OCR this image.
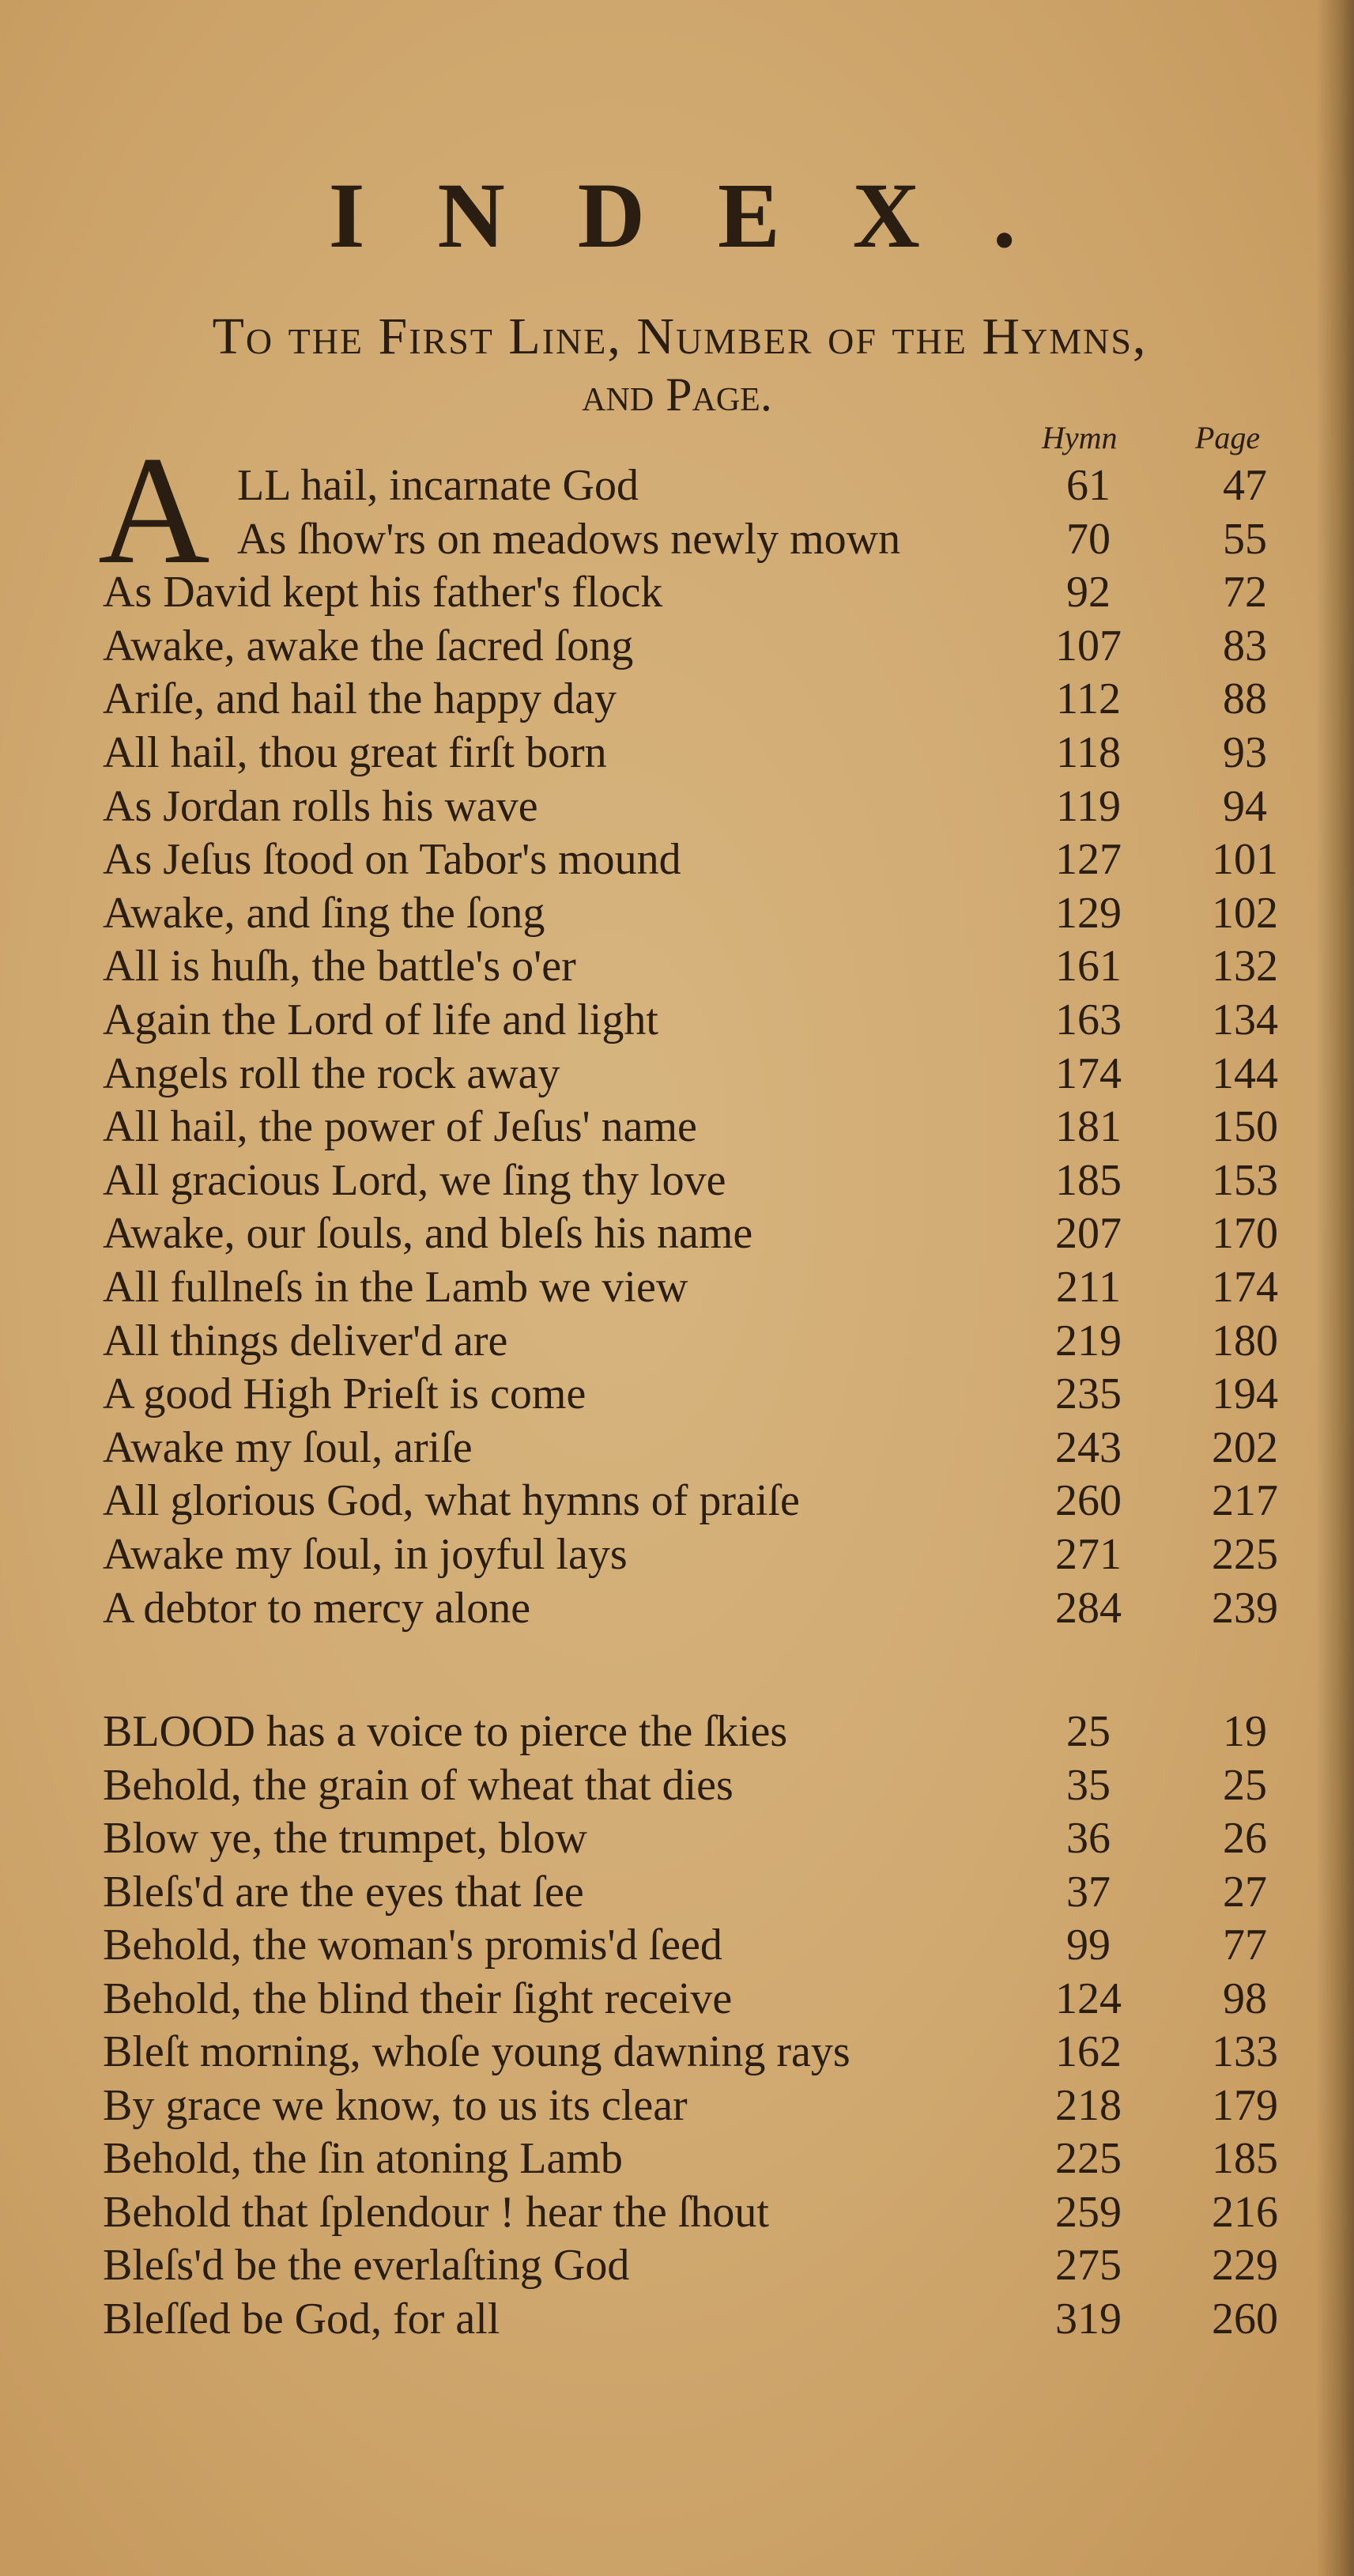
INDEX.
To the First Line, Number of the Hymns,
and Page.
Hymn Page
A LL hail, incarnate God	61	47
As ſhow'rs on meadows newly mown	70	55
As David kept his father's flock	92	72
Awake, awake the ſacred ſong	107	83
Ariſe, and hail the happy day	112	88
All hail, thou great firſt born	118	93
As Jordan rolls his wave	119	94
As Jeſus ſtood on Tabor's mound	127	101
Awake, and ſing the ſong	129	102
All is huſh, the battle's o'er	161	132
Again the Lord of life and light	163	134
Angels roll the rock away	174	144
All hail, the power of Jeſus' name	181	150
All gracious Lord, we ſing thy love	185	153
Awake, our ſouls, and bleſs his name	207	170
All fullneſs in the Lamb we view	211	174
All things deliver'd are	219	180
A good High Prieſt is come	235	194
Awake my ſoul, ariſe	243	202
All glorious God, what hymns of praiſe	260	217
Awake my ſoul, in joyful lays	271	225
A debtor to mercy alone	284	239
BLOOD has a voice to pierce the ſkies	25	19
Behold, the grain of wheat that dies	35	25
Blow ye, the trumpet, blow	36	26
Bleſs'd are the eyes that ſee	37	27
Behold, the woman's promis'd ſeed	99	77
Behold, the blind their ſight receive	124	98
Bleſt morning, whoſe young dawning rays	162	133
By grace we know, to us its clear	218	179
Behold, the ſin atoning Lamb	225	185
Behold that ſplendour ! hear the ſhout	259	216
Bleſs'd be the everlaſting God	275	229
Bleſſed be God, for all	319	260
